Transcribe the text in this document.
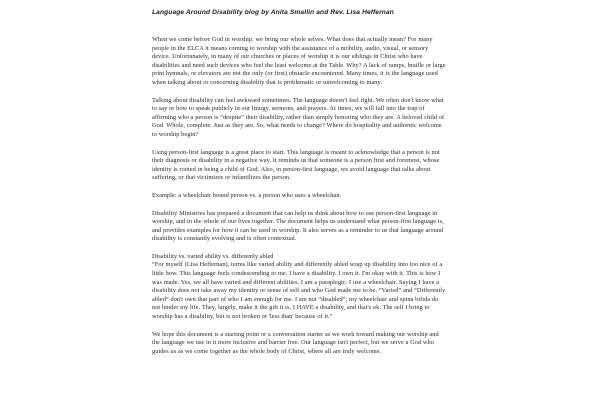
Language Around Disability blog by Anita Smallin and Rev. Lisa Heffernan

When we come before God in worship, we bring our whole selves. What does that actually mean? For many people in the ELCA it means coming to worship with the assistance of a mobility, audio, visual, or sensory device. Unfortunately, in many of our churches or places of worship it is our siblings in Christ who have disabilities and need such devices who feel the least welcome at the Table. Why? A lack of ramps, braille or large print hymnals, or elevators are not the only (or first) obstacle encountered. Many times, it is the language used when talking about or concerning disability that is problematic or unwelcoming to many.

Talking about disability can feel awkward sometimes. The language doesn't feel right. We often don't know what to say or how to speak publicly in our liturgy, sermons, and prayers. At times, we will fall into the trap of affirming who a person is “despite” their disability, rather than simply honoring who they are. A beloved child of God. Whole, complete. Just as they are. So, what needs to change? Where do hospitality and authentic welcome to worship begin?

Using person-first language is a great place to start. This language is meant to acknowledge that a person is not their diagnosis or disability in a negative way. It reminds us that someone is a person first and foremost, whose identity is rooted in being a child of God. Also, in person-first language, we avoid language that talks about suffering, or that victimizes or infantilizes the person.

Example: a wheelchair bound person vs. a person who uses a wheelchair.

Disability Ministries has prepared a document that can help us think about how to use person-first language in worship, and in the whole of our lives together. The document helps us understand what person-first language is, and provides examples for how it can be used in worship. It also serves as a reminder to us that language around disability is constantly evolving and is often contextual.

Disability vs. varied ability vs. differently abled

“For myself (Lisa Heffernan), terms like varied ability and differently abled wrap up disability into too nice of a little bow. This language feels condescending to me. I have a disability. I own it. I'm okay with it. This is how I was made. Yes, we all have varied and different abilities. I am a paraplegic. I use a wheelchair. Saying I have a disability does not take away my identity or sense of self and who God made me to be. “Varied” and “Differently abled” don't own that part of who I am enough for me. I am not “disabled”; my wheelchair and spina bifida do not hinder my life. They, largely, make it the gift it is. I HAVE a disability, and that's ok. The self I bring to worship has a disability, but is not broken or 'less than' because of it.”

We hope this document is a starting point or a conversation starter as we work toward making our worship and the language we use in it more inclusive and barrier free. Our language isn't perfect, but we serve a God who guides us as we come together as the whole body of Christ, where all are truly welcome.
